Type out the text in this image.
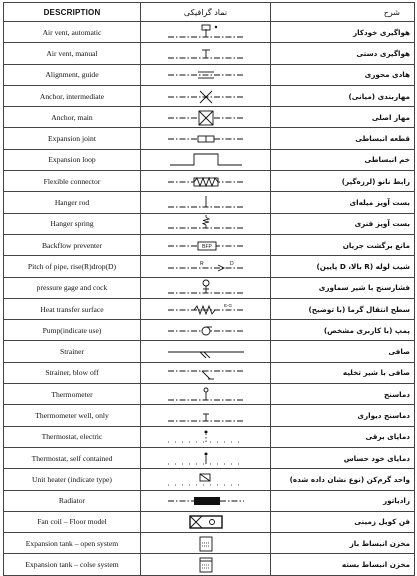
DESCRIPTION	نماد گرافیکی	شرح
Air vent, automatic		هواگیری خودکار
Air vent, manual		هواگیری دستی
Alignment, guide		هادی محوری
Anchor, intermediate		مهاربندی (میانی)
Anchor, main		مهار اصلی
Expansion joint		قطعه انبساطی
Expansion loop		خم انبساطی
Flexible connector		رابط نانو (لرزه‌گیر)
Hanger rod		بست آویز میله‌ای
Hanger spring		بست آویز فنری
Backflow preventer	BFP	مانع برگشت جریان
Pitch of pipe, rise(R)drop(D)	R D	شیب لوله (R بالا، D پایین)
pressure gage and cock		فشارسنج با شیر سماوری
Heat transfer surface	E-G	سطح انتقال گرما (با توضیح)
Pump(indicate use)		پمپ (با کاربری مشخص)
Strainer		صافی
Strainer, blow off		صافی با شیر تخلیه
Thermometer		دماسنج
Thermometer well, only		دماسنج دیواری
Thermostat, electric		دمایای برقی
Thermostat, self contained		دمایای خود حساس
Unit heater (indicate type)		واحد گرم‌کن (نوع نشان داده شده)
Radiator		رادیاتور
Fan coil – Floor model		فن کویل زمینی
Expansion tank – open system		مخزن انبساط باز
Expansion tank – colse system		مخزن انبساط بسته
